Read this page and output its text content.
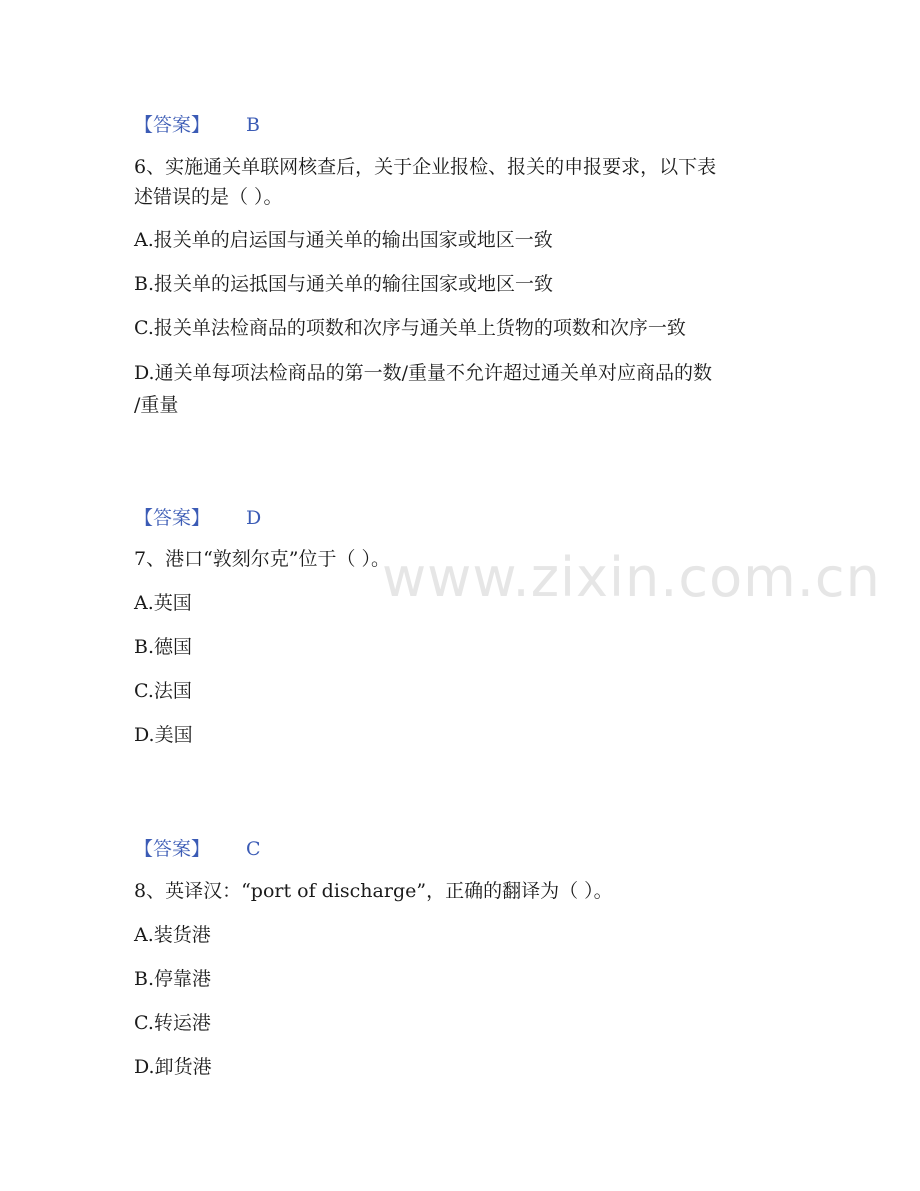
www.zixin.com.cn
【答案】 B
6、实施通关单联网核查后，关于企业报检、报关的申报要求，以下表
述错误的是（ ）。
A.报关单的启运国与通关单的输出国家或地区一致
B.报关单的运抵国与通关单的输往国家或地区一致
C.报关单法检商品的项数和次序与通关单上货物的项数和次序一致
D.通关单每项法检商品的第一数/重量不允许超过通关单对应商品的数
/重量
【答案】 D
7、港口“敦刻尔克”位于（ ）。
A.英国
B.德国
C.法国
D.美国
【答案】 C
8、英译汉：“port of discharge”，正确的翻译为（ ）。
A.装货港
B.停靠港
C.转运港
D.卸货港
